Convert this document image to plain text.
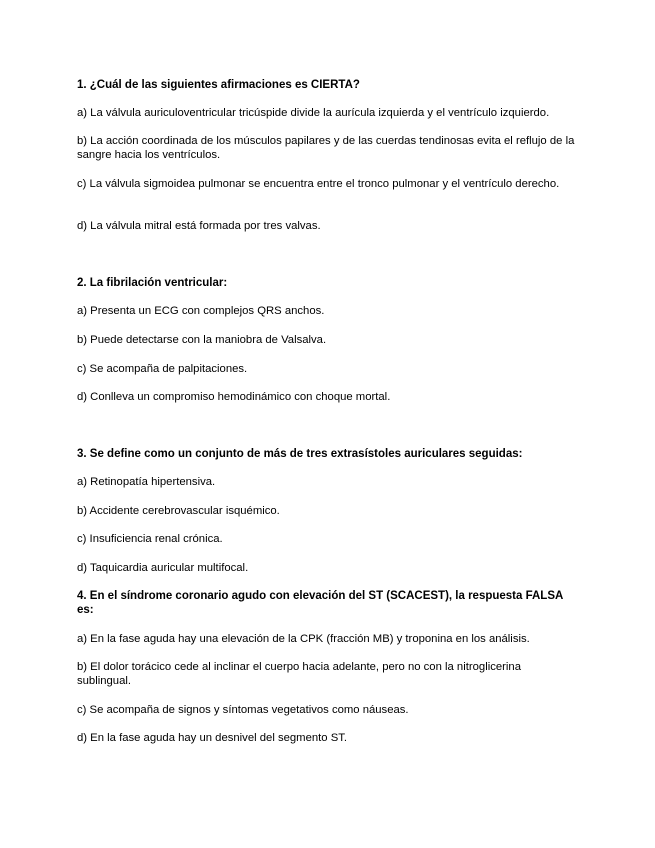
1. ¿Cuál de las siguientes afirmaciones es CIERTA?
a) La válvula auriculoventricular tricúspide divide la aurícula izquierda y el ventrículo izquierdo.
b) La acción coordinada de los músculos papilares y de las cuerdas tendinosas evita el reflujo de la sangre hacia los ventrículos.
c) La válvula sigmoidea pulmonar se encuentra entre el tronco pulmonar y el ventrículo derecho.
d) La válvula mitral está formada por tres valvas.
2. La fibrilación ventricular:
a) Presenta un ECG con complejos QRS anchos.
b) Puede detectarse con la maniobra de Valsalva.
c) Se acompaña de palpitaciones.
d) Conlleva un compromiso hemodinámico con choque mortal.
3. Se define como un conjunto de más de tres extrasístoles auriculares seguidas:
a) Retinopatía hipertensiva.
b) Accidente cerebrovascular isquémico.
c) Insuficiencia renal crónica.
d) Taquicardia auricular multifocal.
4. En el síndrome coronario agudo con elevación del ST (SCACEST), la respuesta FALSA es:
a) En la fase aguda hay una elevación de la CPK (fracción MB) y troponina en los análisis.
b) El dolor torácico cede al inclinar el cuerpo hacia adelante, pero no con la nitroglicerina sublingual.
c) Se acompaña de signos y síntomas vegetativos como náuseas.
d) En la fase aguda hay un desnivel del segmento ST.
